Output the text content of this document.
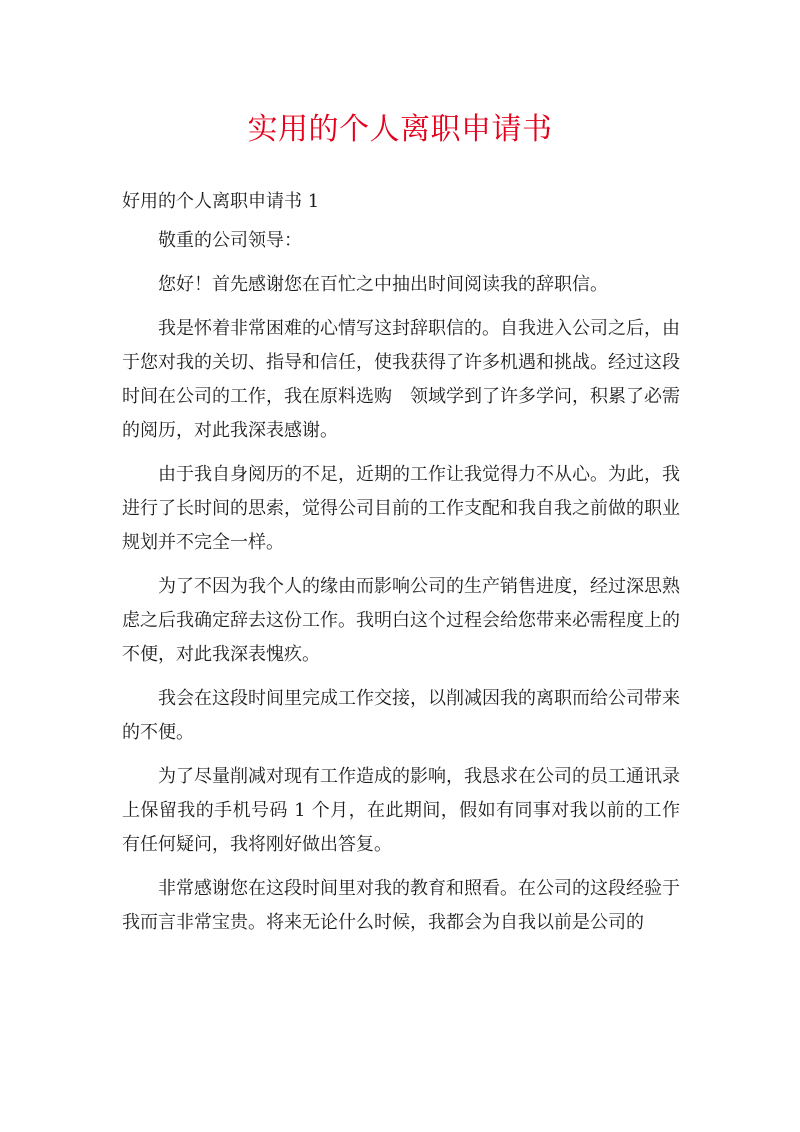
实用的个人离职申请书
好用的个人离职申请书 1

敬重的公司领导：

您好！首先感谢您在百忙之中抽出时间阅读我的辞职信。

我是怀着非常困难的心情写这封辞职信的。自我进入公司之后，由于您对我的关切、指导和信任，使我获得了许多机遇和挑战。经过这段时间在公司的工作，我在原料选购　领域学到了许多学问，积累了必需的阅历，对此我深表感谢。

由于我自身阅历的不足，近期的工作让我觉得力不从心。为此，我进行了长时间的思索，觉得公司目前的工作支配和我自我之前做的职业规划并不完全一样。

为了不因为我个人的缘由而影响公司的生产销售进度，经过深思熟虑之后我确定辞去这份工作。我明白这个过程会给您带来必需程度上的不便，对此我深表愧疚。

我会在这段时间里完成工作交接，以削减因我的离职而给公司带来的不便。

为了尽量削减对现有工作造成的影响，我恳求在公司的员工通讯录上保留我的手机号码 1 个月，在此期间，假如有同事对我以前的工作有任何疑问，我将刚好做出答复。

非常感谢您在这段时间里对我的教育和照看。在公司的这段经验于我而言非常宝贵。将来无论什么时候，我都会为自我以前是公司的
